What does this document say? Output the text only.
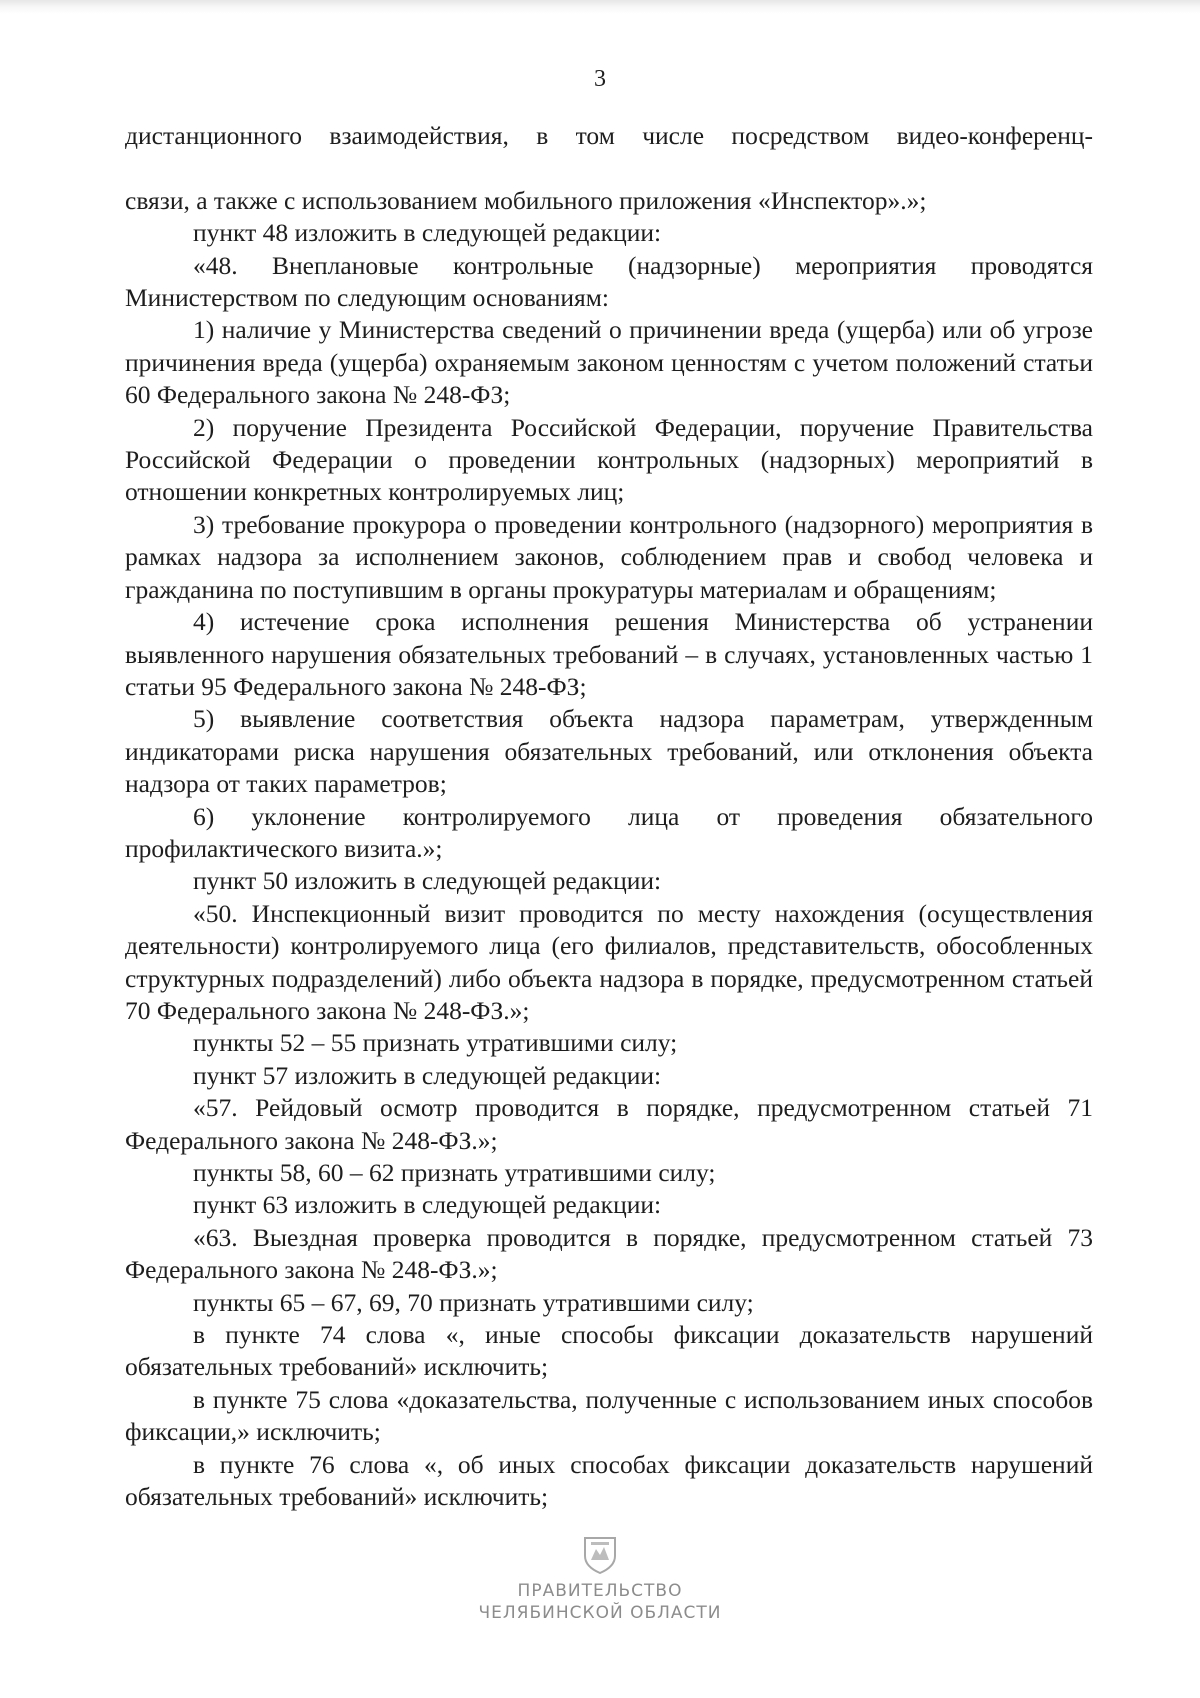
3

дистанционного взаимодействия, в том числе посредством видео-конференц-

связи, а также с использованием мобильного приложения «Инспектор».»;

пункт 48 изложить в следующей редакции:

«48. Внеплановые контрольные (надзорные) мероприятия проводятся Министерством по следующим основаниям:

1) наличие у Министерства сведений о причинении вреда (ущерба) или об угрозе причинения вреда (ущерба) охраняемым законом ценностям с учетом положений статьи 60 Федерального закона № 248-ФЗ;

2) поручение Президента Российской Федерации, поручение Правительства Российской Федерации о проведении контрольных (надзорных) мероприятий в отношении конкретных контролируемых лиц;

3) требование прокурора о проведении контрольного (надзорного) мероприятия в рамках надзора за исполнением законов, соблюдением прав и свобод человека и гражданина по поступившим в органы прокуратуры материалам и обращениям;

4) истечение срока исполнения решения Министерства об устранении выявленного нарушения обязательных требований – в случаях, установленных частью 1 статьи 95 Федерального закона № 248-ФЗ;

5) выявление соответствия объекта надзора параметрам, утвержденным индикаторами риска нарушения обязательных требований, или отклонения объекта надзора от таких параметров;

6) уклонение контролируемого лица от проведения обязательного профилактического визита.»;

пункт 50 изложить в следующей редакции:

«50. Инспекционный визит проводится по месту нахождения (осуществления деятельности) контролируемого лица (его филиалов, представительств, обособленных структурных подразделений) либо объекта надзора в порядке, предусмотренном статьей 70 Федерального закона № 248-ФЗ.»;

пункты 52 – 55 признать утратившими силу;

пункт 57 изложить в следующей редакции:

«57. Рейдовый осмотр проводится в порядке, предусмотренном статьей 71 Федерального закона № 248-ФЗ.»;

пункты 58, 60 – 62 признать утратившими силу;

пункт 63 изложить в следующей редакции:

«63. Выездная проверка проводится в порядке, предусмотренном статьей 73 Федерального закона № 248-ФЗ.»;

пункты 65 – 67, 69, 70 признать утратившими силу;

в пункте 74 слова «, иные способы фиксации доказательств нарушений обязательных требований» исключить;

в пункте 75 слова «доказательства, полученные с использованием иных способов фиксации,» исключить;

в пункте 76 слова «, об иных способах фиксации доказательств нарушений обязательных требований» исключить;

ПРАВИТЕЛЬСТВО
ЧЕЛЯБИНСКОЙ ОБЛАСТИ
